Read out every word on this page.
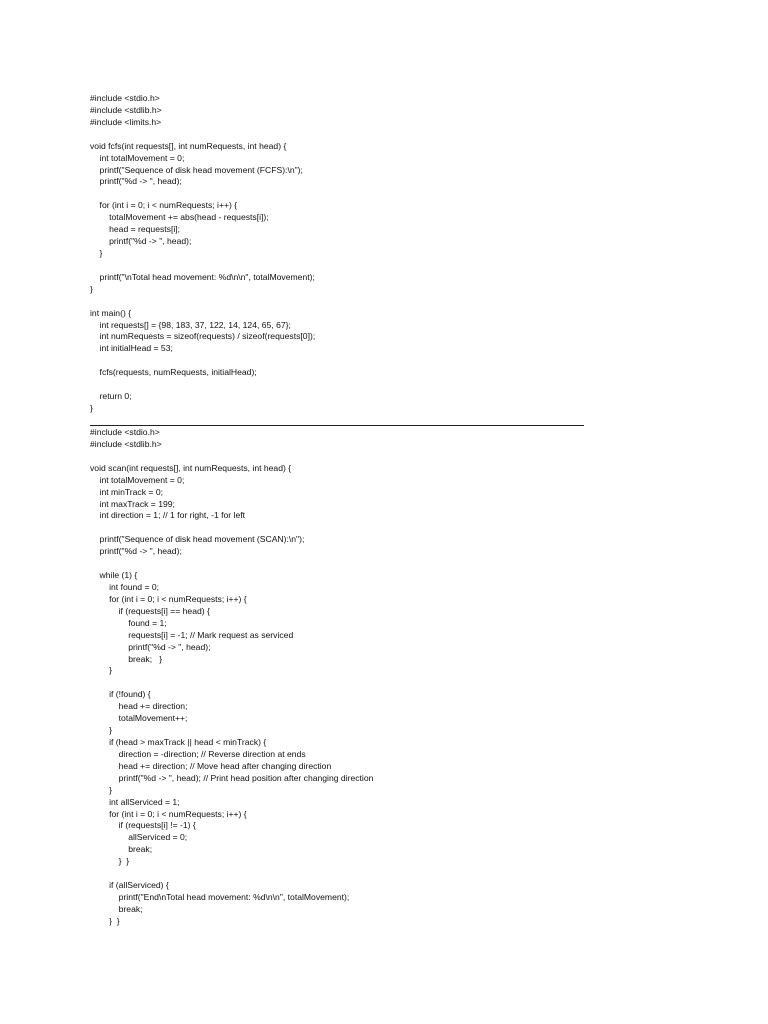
#include <stdio.h>
#include <stdlib.h>
#include <limits.h>

void fcfs(int requests[], int numRequests, int head) {
int totalMovement = 0;
printf("Sequence of disk head movement (FCFS):\n");
printf("%d -> ", head);

for (int i = 0; i < numRequests; i++) {
totalMovement += abs(head - requests[i]);
head = requests[i];
printf("%d -> ", head);
}

printf("\nTotal head movement: %d\n\n", totalMovement);
}

int main() {
int requests[] = {98, 183, 37, 122, 14, 124, 65, 67};
int numRequests = sizeof(requests) / sizeof(requests[0]);
int initialHead = 53;

fcfs(requests, numRequests, initialHead);

return 0;
}
#include <stdio.h>
#include <stdlib.h>

void scan(int requests[], int numRequests, int head) {
int totalMovement = 0;
int minTrack = 0;
int maxTrack = 199;
int direction = 1; // 1 for right, -1 for left

printf("Sequence of disk head movement (SCAN):\n");
printf("%d -> ", head);

while (1) {
int found = 0;
for (int i = 0; i < numRequests; i++) {
if (requests[i] == head) {
found = 1;
requests[i] = -1; // Mark request as serviced
printf("%d -> ", head);
break;   }
}

if (!found) {
head += direction;
totalMovement++;
}
if (head > maxTrack || head < minTrack) {
direction = -direction; // Reverse direction at ends
head += direction; // Move head after changing direction
printf("%d -> ", head); // Print head position after changing direction
}
int allServiced = 1;
for (int i = 0; i < numRequests; i++) {
if (requests[i] != -1) {
allServiced = 0;
break;
}  }

if (allServiced) {
printf("End\nTotal head movement: %d\n\n", totalMovement);
break;
}  }
